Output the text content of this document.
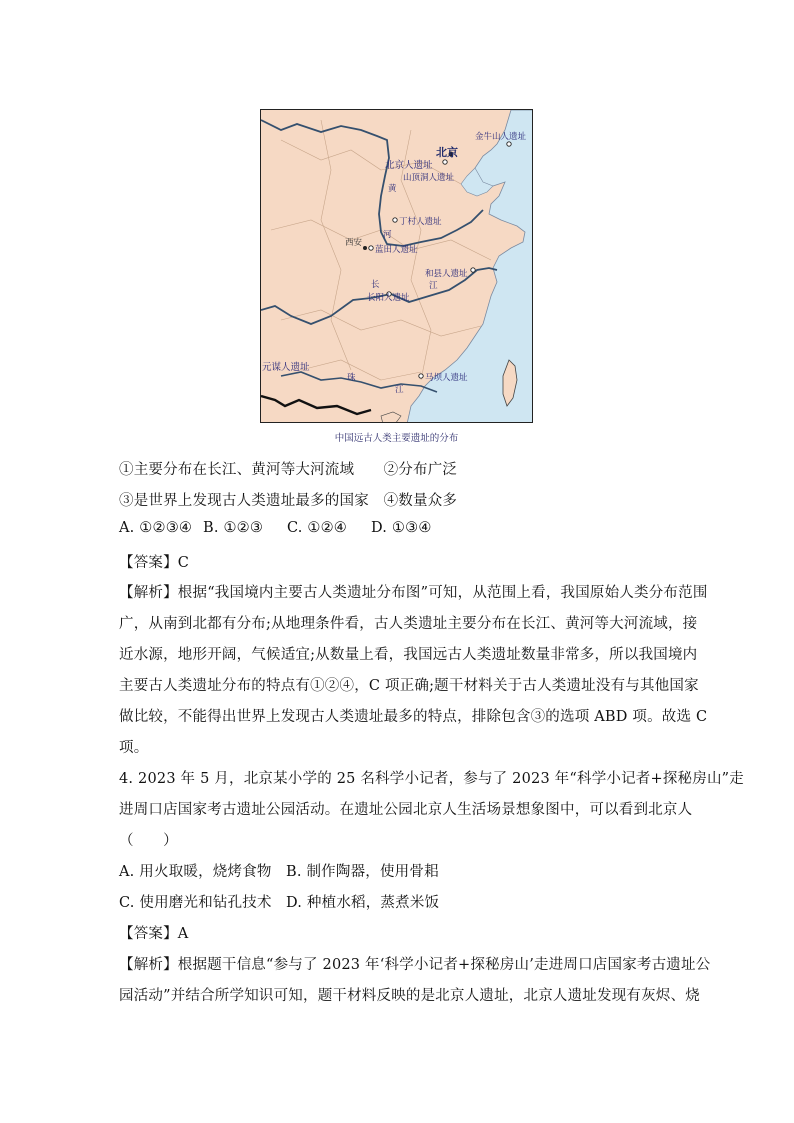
北京
金牛山人遗址
北京人遗址
山顶洞人遗址
黄
丁村人遗址
河
西安
蓝田人遗址
和县人遗址
长	江
长阳人遗址
元谋人遗址
珠
江
马坝人遗址
中国远古人类主要遗址的分布
①主要分布在长江、黄河等大河流域　　②分布广泛
③是世界上发现古人类遗址最多的国家　④数量众多
A. ①②③④ B. ①②③ C. ①②④ D. ①③④
【答案】C
【解析】根据“我国境内主要古人类遗址分布图”可知，从范围上看，我国原始人类分布范围
广，从南到北都有分布;从地理条件看，古人类遗址主要分布在长江、黄河等大河流域，接
近水源，地形开阔，气候适宜;从数量上看，我国远古人类遗址数量非常多，所以我国境内
主要古人类遗址分布的特点有①②④，C 项正确;题干材料关于古人类遗址没有与其他国家
做比较，不能得出世界上发现古人类遗址最多的特点，排除包含③的选项 ABD 项。故选 C
项。
4. 2023 年 5 月，北京某小学的 25 名科学小记者，参与了 2023 年“科学小记者+探秘房山”走
进周口店国家考古遗址公园活动。在遗址公园北京人生活场景想象图中，可以看到北京人
（　　）
A. 用火取暖，烧烤食物 B. 制作陶器，使用骨耜
C. 使用磨光和钻孔技术 D. 种植水稻，蒸煮米饭
【答案】A
【解析】根据题干信息“参与了 2023 年‘科学小记者+探秘房山’走进周口店国家考古遗址公
园活动”并结合所学知识可知，题干材料反映的是北京人遗址，北京人遗址发现有灰烬、烧
